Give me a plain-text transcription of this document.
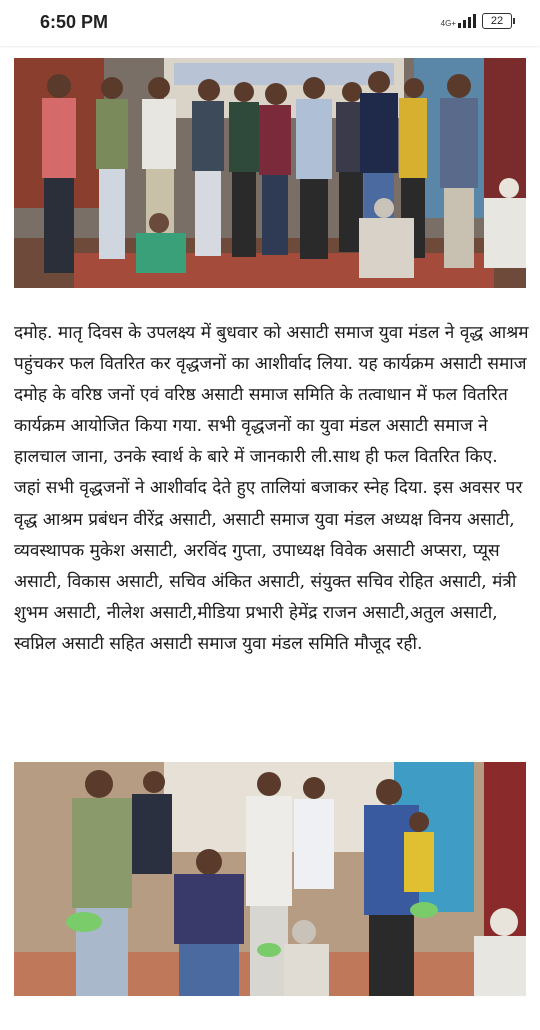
6:50 PM	4G+	22

दमोह. मातृ दिवस के उपलक्ष्य में बुधवार को असाटी समाज युवा मंडल ने वृद्ध आश्रम पहुंचकर फल वितरित कर वृद्धजनों का आशीर्वाद लिया. यह कार्यक्रम असाटी समाज दमोह के वरिष्ठ जनों एवं वरिष्ठ असाटी समाज समिति के तत्वाधान में फल वितरित कार्यक्रम आयोजित किया गया. सभी वृद्धजनों का युवा मंडल असाटी समाज ने हालचाल जाना, उनके स्वार्थ के बारे में जानकारी ली.साथ ही फल वितरित किए. जहां सभी वृद्धजनों ने आशीर्वाद देते हुए तालियां बजाकर स्नेह दिया. इस अवसर पर वृद्ध आश्रम प्रबंधन वीरेंद्र असाटी, असाटी समाज युवा मंडल अध्यक्ष विनय असाटी, व्यवस्थापक मुकेश असाटी, अरविंद गुप्ता, उपाध्यक्ष विवेक असाटी अप्सरा, प्यूस असाटी, विकास असाटी, सचिव अंकित असाटी, संयुक्त सचिव रोहित असाटी, मंत्री शुभम असाटी, नीलेश असाटी,मीडिया प्रभारी हेमेंद्र राजन असाटी,अतुल असाटी, स्वप्निल असाटी सहित असाटी समाज युवा मंडल समिति मौजूद रही.
